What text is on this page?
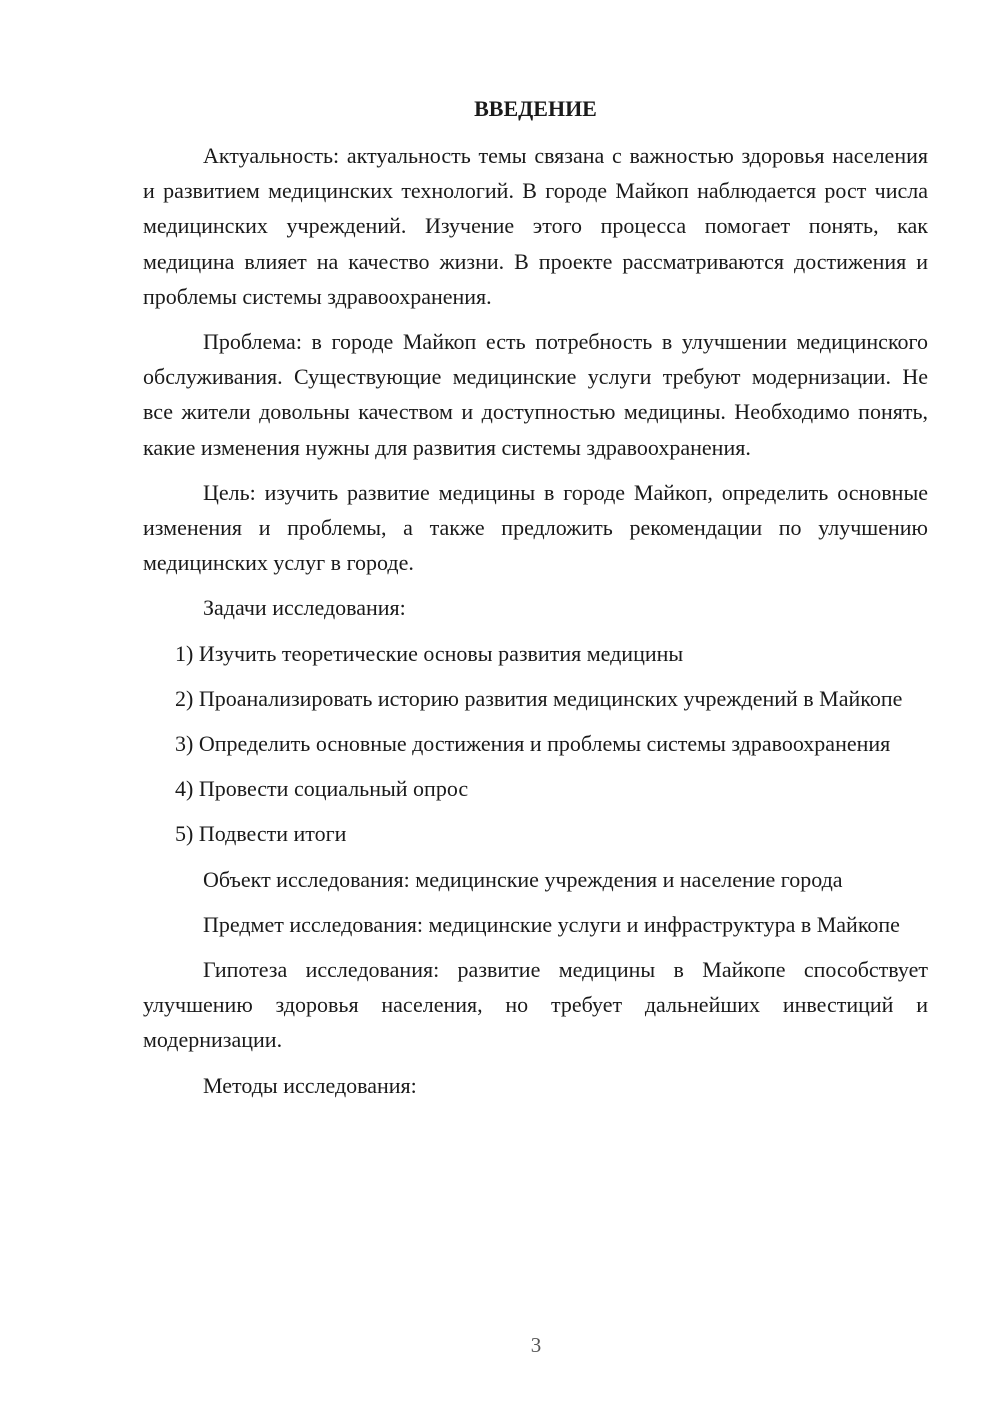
ВВЕДЕНИЕ

Актуальность: актуальность темы связана с важностью здоровья населения и развитием медицинских технологий. В городе Майкоп наблюдается рост числа медицинских учреждений. Изучение этого процесса помогает понять, как медицина влияет на качество жизни. В проекте рассматриваются достижения и проблемы системы здравоохранения.

Проблема: в городе Майкоп есть потребность в улучшении медицинского обслуживания. Существующие медицинские услуги требуют модернизации. Не все жители довольны качеством и доступностью медицины. Необходимо понять, какие изменения нужны для развития системы здравоохранения.

Цель: изучить развитие медицины в городе Майкоп, определить основные изменения и проблемы, а также предложить рекомендации по улучшению медицинских услуг в городе.

Задачи исследования:

1) Изучить теоретические основы развития медицины

2) Проанализировать историю развития медицинских учреждений в Майкопе

3) Определить основные достижения и проблемы системы здравоохранения

4) Провести социальный опрос

5) Подвести итоги

Объект исследования: медицинские учреждения и население города

Предмет исследования: медицинские услуги и инфраструктура в Майкопе

Гипотеза исследования: развитие медицины в Майкопе способствует улучшению здоровья населения, но требует дальнейших инвестиций и модернизации.

Методы исследования:

3
